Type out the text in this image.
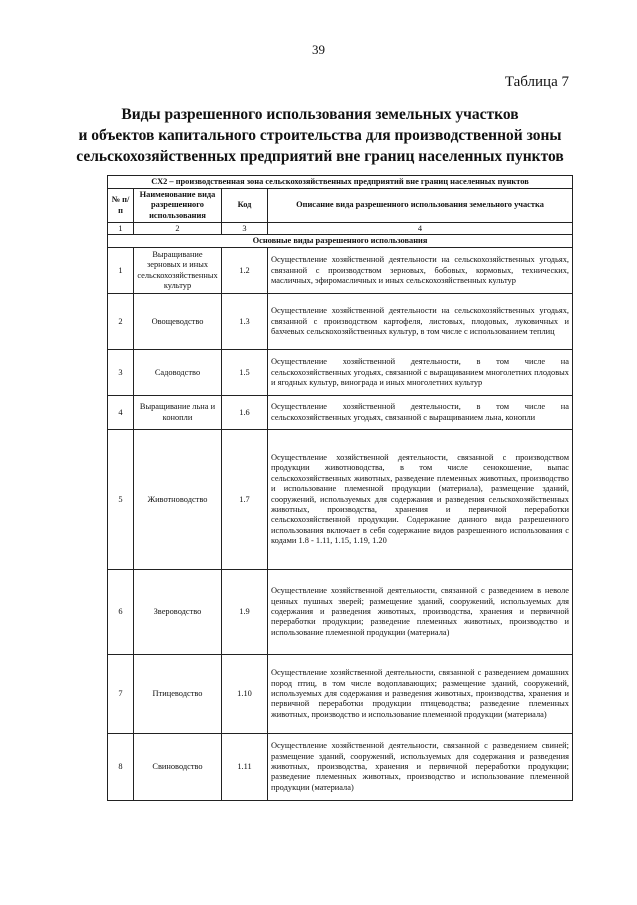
39
Таблица 7
Виды разрешенного использования земельных участков
и объектов капитального строительства для производственной зоны
сельскохозяйственных предприятий вне границ населенных пунктов
СХ2 – производственная зона сельскохозяйственных предприятий вне границ населенных пунктов			
№ п/п	Наименование вида разрешенного использования	Код	Описание вида разрешенного использования земельного участка
1	2	3	4
Основные виды разрешенного использования			
1	Выращивание зерновых и иных сельскохозяйственных культур	1.2	Осуществление хозяйственной деятельности на сельскохозяйственных угодьях, связанной с производством зерновых, бобовых, кормовых, технических, масличных, эфиромасличных и иных сельскохозяйственных культур
2	Овощеводство	1.3	Осуществление хозяйственной деятельности на сельскохозяйственных угодьях, связанной с производством картофеля, листовых, плодовых, луковичных и бахчевых сельскохозяйственных культур, в том числе с использованием теплиц
3	Садоводство	1.5	Осуществление хозяйственной деятельности, в том числе на сельскохозяйственных угодьях, связанной с выращиванием многолетних плодовых и ягодных культур, винограда и иных многолетних культур
4	Выращивание льна и конопли	1.6	Осуществление хозяйственной деятельности, в том числе на сельскохозяйственных угодьях, связанной с выращиванием льна, конопли
5	Животноводство	1.7	Осуществление хозяйственной деятельности, связанной с производством продукции животноводства, в том числе сенокошение, выпас сельскохозяйственных животных, разведение племенных животных, производство и использование племенной продукции (материала), размещение зданий, сооружений, используемых для содержания и разведения сельскохозяйственных животных, производства, хранения и первичной переработки сельскохозяйственной продукции. Содержание данного вида разрешенного использования включает в себя содержание видов разрешенного использования с кодами 1.8 - 1.11, 1.15, 1.19, 1.20
6	Звероводство	1.9	Осуществление хозяйственной деятельности, связанной с разведением в неволе ценных пушных зверей; размещение зданий, сооружений, используемых для содержания и разведения животных, производства, хранения и первичной переработки продукции; разведение племенных животных, производство и использование племенной продукции (материала)
7	Птицеводство	1.10	Осуществление хозяйственной деятельности, связанной с разведением домашних пород птиц, в том числе водоплавающих; размещение зданий, сооружений, используемых для содержания и разведения животных, производства, хранения и первичной переработки продукции птицеводства; разведение племенных животных, производство и использование племенной продукции (материала)
8	Свиноводство	1.11	Осуществление хозяйственной деятельности, связанной с разведением свиней; размещение зданий, сооружений, используемых для содержания и разведения животных, производства, хранения и первичной переработки продукции; разведение племенных животных, производство и использование племенной продукции (материала)
